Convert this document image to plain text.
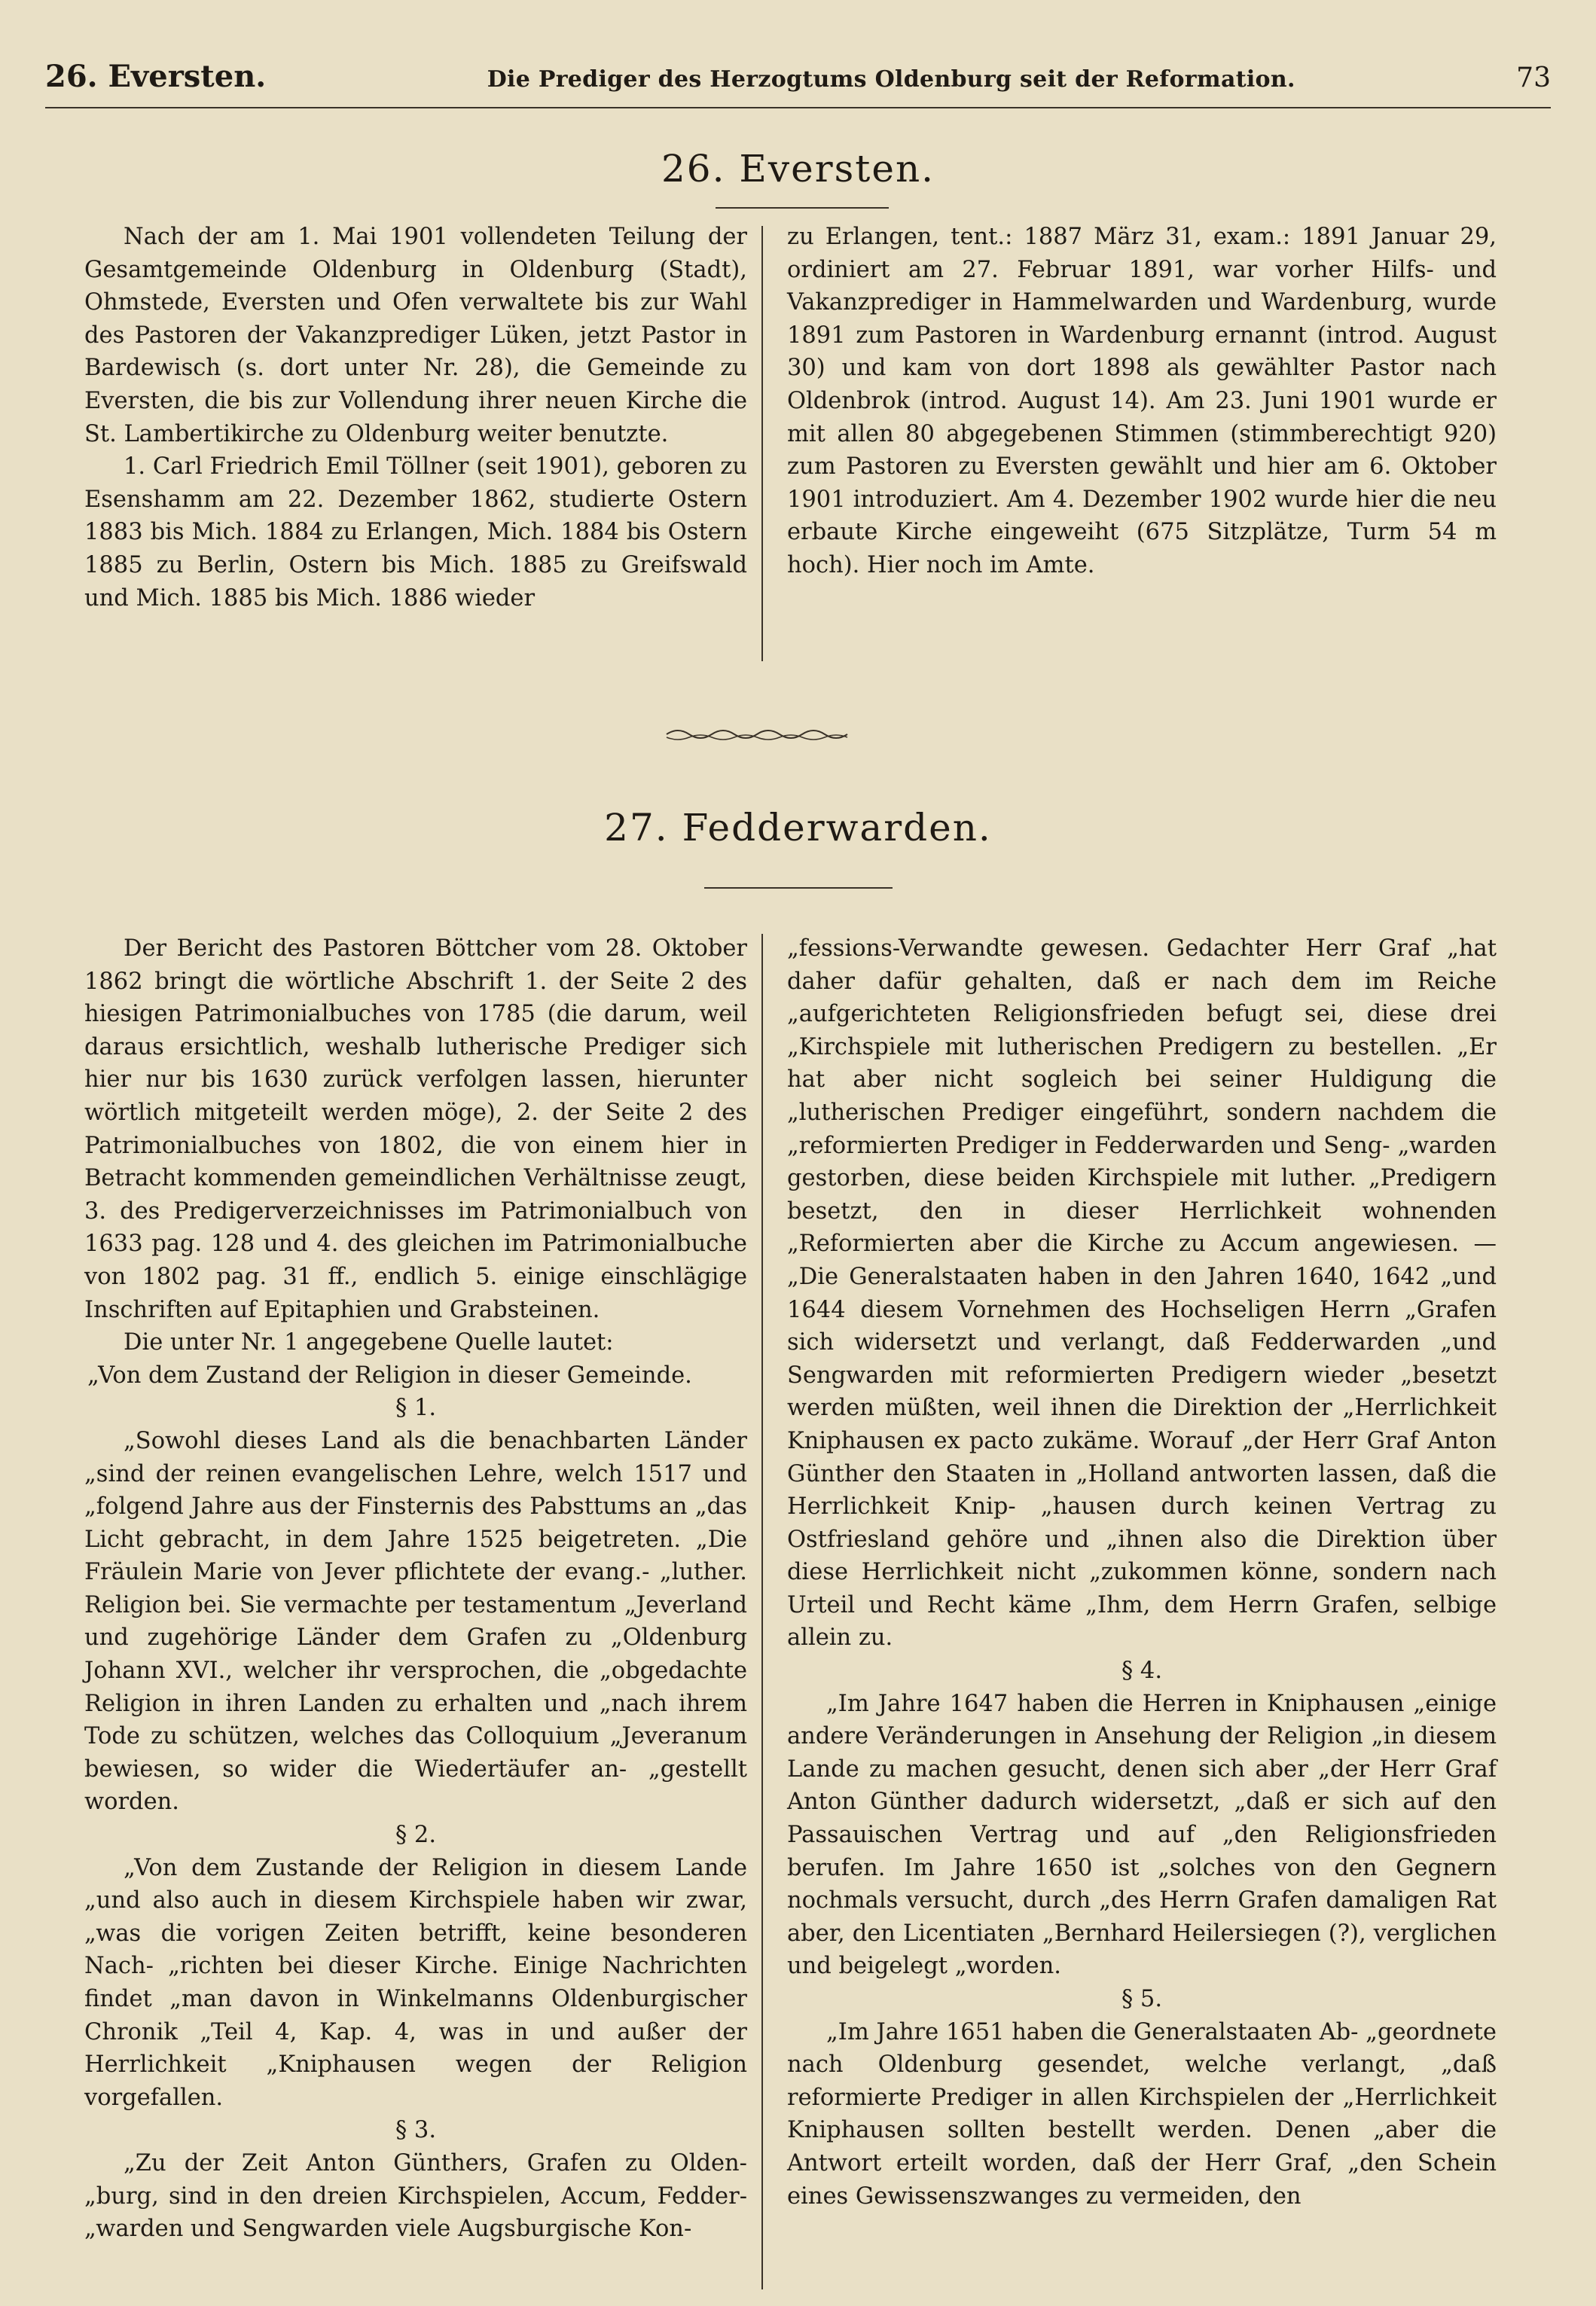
26. Eversten.	Die Prediger des Herzogtums Oldenburg seit der Reformation.	73
26. Eversten.

Nach der am 1. Mai 1901 vollendeten Teilung der Gesamtgemeinde Oldenburg in Oldenburg (Stadt), Ohmstede, Eversten und Ofen verwaltete bis zur Wahl des Pastoren der Vakanzprediger Lüken, jetzt Pastor in Bardewisch (s. dort unter Nr. 28), die Gemeinde zu Eversten, die bis zur Vollendung ihrer neuen Kirche die St. Lambertikirche zu Oldenburg weiter benutzte.

1. Carl Friedrich Emil Töllner (seit 1901), geboren zu Esenshamm am 22. Dezember 1862, studierte Ostern 1883 bis Mich. 1884 zu Erlangen, Mich. 1884 bis Ostern 1885 zu Berlin, Ostern bis Mich. 1885 zu Greifswald und Mich. 1885 bis Mich. 1886 wieder

zu Erlangen, tent.: 1887 März 31, exam.: 1891 Januar 29, ordiniert am 27. Februar 1891, war vorher Hilfs- und Vakanzprediger in Hammelwarden und Wardenburg, wurde 1891 zum Pastoren in Wardenburg ernannt (introd. August 30) und kam von dort 1898 als gewählter Pastor nach Oldenbrok (introd. August 14). Am 23. Juni 1901 wurde er mit allen 80 abgegebenen Stimmen (stimmberechtigt 920) zum Pastoren zu Eversten gewählt und hier am 6. Oktober 1901 introduziert. Am 4. Dezember 1902 wurde hier die neu erbaute Kirche eingeweiht (675 Sitzplätze, Turm 54 m hoch). Hier noch im Amte.

27. Fedderwarden.

Der Bericht des Pastoren Böttcher vom 28. Oktober 1862 bringt die wörtliche Abschrift 1. der Seite 2 des hiesigen Patrimonialbuches von 1785 (die darum, weil daraus ersichtlich, weshalb lutherische Prediger sich hier nur bis 1630 zurück verfolgen lassen, hierunter wörtlich mitgeteilt werden möge), 2. der Seite 2 des Patrimonialbuches von 1802, die von einem hier in Betracht kommenden gemeindlichen Verhältnisse zeugt, 3. des Predigerverzeichnisses im Patrimonialbuch von 1633 pag. 128 und 4. des gleichen im Patrimonialbuche von 1802 pag. 31 ff., endlich 5. einige einschlägige Inschriften auf Epitaphien und Grabsteinen.

Die unter Nr. 1 angegebene Quelle lautet:

„Von dem Zustand der Religion in dieser Gemeinde.

§ 1.

„Sowohl dieses Land als die benachbarten Länder „sind der reinen evangelischen Lehre, welch 1517 und „folgend Jahre aus der Finsternis des Pabsttums an „das Licht gebracht, in dem Jahre 1525 beigetreten. „Die Fräulein Marie von Jever pflichtete der evang.- „luther. Religion bei. Sie vermachte per testamentum „Jeverland und zugehörige Länder dem Grafen zu „Oldenburg Johann XVI., welcher ihr versprochen, die „obgedachte Religion in ihren Landen zu erhalten und „nach ihrem Tode zu schützen, welches das Colloquium „Jeveranum bewiesen, so wider die Wiedertäufer an- „gestellt worden.

§ 2.

„Von dem Zustande der Religion in diesem Lande „und also auch in diesem Kirchspiele haben wir zwar, „was die vorigen Zeiten betrifft, keine besonderen Nach- „richten bei dieser Kirche. Einige Nachrichten findet „man davon in Winkelmanns Oldenburgischer Chronik „Teil 4, Kap. 4, was in und außer der Herrlichkeit „Kniphausen wegen der Religion vorgefallen.

§ 3.

„Zu der Zeit Anton Günthers, Grafen zu Olden- „burg, sind in den dreien Kirchspielen, Accum, Fedder- „warden und Sengwarden viele Augsburgische Kon-

„fessions-Verwandte gewesen. Gedachter Herr Graf „hat daher dafür gehalten, daß er nach dem im Reiche „aufgerichteten Religionsfrieden befugt sei, diese drei „Kirchspiele mit lutherischen Predigern zu bestellen. „Er hat aber nicht sogleich bei seiner Huldigung die „lutherischen Prediger eingeführt, sondern nachdem die „reformierten Prediger in Fedderwarden und Seng- „warden gestorben, diese beiden Kirchspiele mit luther. „Predigern besetzt, den in dieser Herrlichkeit wohnenden „Reformierten aber die Kirche zu Accum angewiesen. — „Die Generalstaaten haben in den Jahren 1640, 1642 „und 1644 diesem Vornehmen des Hochseligen Herrn „Grafen sich widersetzt und verlangt, daß Fedderwarden „und Sengwarden mit reformierten Predigern wieder „besetzt werden müßten, weil ihnen die Direktion der „Herrlichkeit Kniphausen ex pacto zukäme. Worauf „der Herr Graf Anton Günther den Staaten in „Holland antworten lassen, daß die Herrlichkeit Knip- „hausen durch keinen Vertrag zu Ostfriesland gehöre und „ihnen also die Direktion über diese Herrlichkeit nicht „zukommen könne, sondern nach Urteil und Recht käme „Ihm, dem Herrn Grafen, selbige allein zu.

§ 4.

„Im Jahre 1647 haben die Herren in Kniphausen „einige andere Veränderungen in Ansehung der Religion „in diesem Lande zu machen gesucht, denen sich aber „der Herr Graf Anton Günther dadurch widersetzt, „daß er sich auf den Passauischen Vertrag und auf „den Religionsfrieden berufen. Im Jahre 1650 ist „solches von den Gegnern nochmals versucht, durch „des Herrn Grafen damaligen Rat aber, den Licentiaten „Bernhard Heilersiegen (?), verglichen und beigelegt „worden.

§ 5.

„Im Jahre 1651 haben die Generalstaaten Ab- „geordnete nach Oldenburg gesendet, welche verlangt, „daß reformierte Prediger in allen Kirchspielen der „Herrlichkeit Kniphausen sollten bestellt werden. Denen „aber die Antwort erteilt worden, daß der Herr Graf, „den Schein eines Gewissenszwanges zu vermeiden, den
